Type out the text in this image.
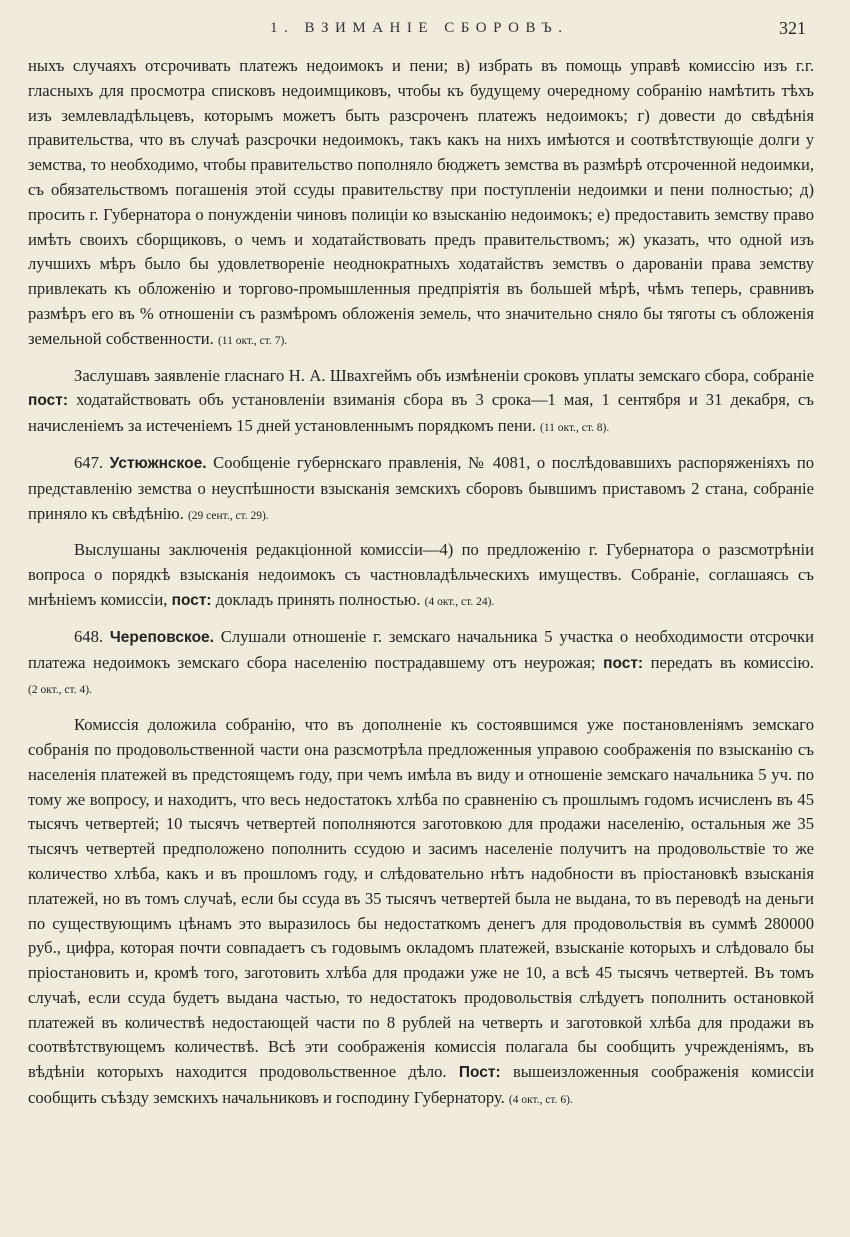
1. ВЗИМАНІЕ СБОРОВЪ.	321

ныхъ случаяхъ отсрочивать платежъ недоимокъ и пени; в) избрать въ помощь управѣ комиссію изъ г.г. гласныхъ для просмотра списковъ недоимщиковъ, чтобы къ будущему очередному собранію намѣтить тѣхъ изъ землевладѣльцевъ, которымъ можетъ быть разсроченъ платежъ недоимокъ; г) довести до свѣдѣнія правительства, что въ случаѣ разсрочки недоимокъ, такъ какъ на нихъ имѣются и соотвѣтствующіе долги у земства, то необходимо, чтобы правительство пополняло бюджетъ земства въ размѣрѣ отсроченной недоимки, съ обязательствомъ погашенія этой ссуды правительству при поступленіи недоимки и пени полностью; д) просить г. Губернатора о понужденіи чиновъ полиціи ко взысканію недоимокъ; е) предоставить земству право имѣть своихъ сборщиковъ, о чемъ и ходатайствовать предъ правительствомъ; ж) указать, что одной изъ лучшихъ мѣръ было бы удовлетвореніе неоднократныхъ ходатайствъ земствъ о дарованіи права земству привлекать къ обложенію и торгово-промышленныя предпріятія въ большей мѣрѣ, чѣмъ теперь, сравнивъ размѣръ его въ % отношеніи съ размѣромъ обложенія земель, что значительно сняло бы тяготы съ обложенія земельной собственности. (11 окт., ст. 7).

Заслушавъ заявленіе гласнаго Н. А. Швахгеймъ объ измѣненіи сроковъ уплаты земскаго сбора, собраніе пост: ходатайствовать объ установленіи взиманія сбора въ 3 срока—1 мая, 1 сентября и 31 декабря, съ начисленіемъ за истеченіемъ 15 дней установленнымъ порядкомъ пени. (11 окт., ст. 8).

647. Устюжнское. Сообщеніе губернскаго правленія, № 4081, о послѣдовавшихъ распоряженіяхъ по представленію земства о неуспѣшности взысканія земскихъ сборовъ бывшимъ приставомъ 2 стана, собраніе приняло къ свѣдѣнію. (29 сент., ст. 29).

Выслушаны заключенія редакціонной комиссіи—4) по предложенію г. Губернатора о разсмотрѣніи вопроса о порядкѣ взысканія недоимокъ съ частновладѣльческихъ имуществъ. Собраніе, соглашаясь съ мнѣніемъ комиссіи, пост: докладъ принять полностью. (4 окт., ст. 24).

648. Череповское. Слушали отношеніе г. земскаго начальника 5 участка о необходимости отсрочки платежа недоимокъ земскаго сбора населенію пострадавшему отъ неурожая; пост: передать въ комиссію. (2 окт., ст. 4).

Комиссія доложила собранію, что въ дополненіе къ состоявшимся уже постановленіямъ земскаго собранія по продовольственной части она разсмотрѣла предложенныя управою соображенія по взысканію съ населенія платежей въ предстоящемъ году, при чемъ имѣла въ виду и отношеніе земскаго начальника 5 уч. по тому же вопросу, и находитъ, что весь недостатокъ хлѣба по сравненію съ прошлымъ годомъ исчисленъ въ 45 тысячъ четвертей; 10 тысячъ четвертей пополняются заготовкою для продажи населенію, остальныя же 35 тысячъ четвертей предположено пополнить ссудою и засимъ населеніе получитъ на продовольствіе то же количество хлѣба, какъ и въ прошломъ году, и слѣдовательно нѣтъ надобности въ пріостановкѣ взысканія платежей, но въ томъ случаѣ, если бы ссуда въ 35 тысячъ четвертей была не выдана, то въ переводѣ на деньги по существующимъ цѣнамъ это выразилось бы недостаткомъ денегъ для продовольствія въ суммѣ 280000 руб., цифра, которая почти совпадаетъ съ годовымъ окладомъ платежей, взысканіе которыхъ и слѣдовало бы пріостановить и, кромѣ того, заготовить хлѣба для продажи уже не 10, а всѣ 45 тысячъ четвертей. Въ томъ случаѣ, если ссуда будетъ выдана частью, то недостатокъ продовольствія слѣдуетъ пополнить остановкой платежей въ количествѣ недостающей части по 8 рублей на четверть и заготовкой хлѣба для продажи въ соотвѣтствующемъ количествѣ. Всѣ эти соображенія комиссія полагала бы сообщить учрежденіямъ, въ вѣдѣніи которыхъ находится продовольственное дѣло. Пост: вышеизложенныя соображенія комиссіи сообщить съѣзду земскихъ начальниковъ и господину Губернатору. (4 окт., ст. 6).
